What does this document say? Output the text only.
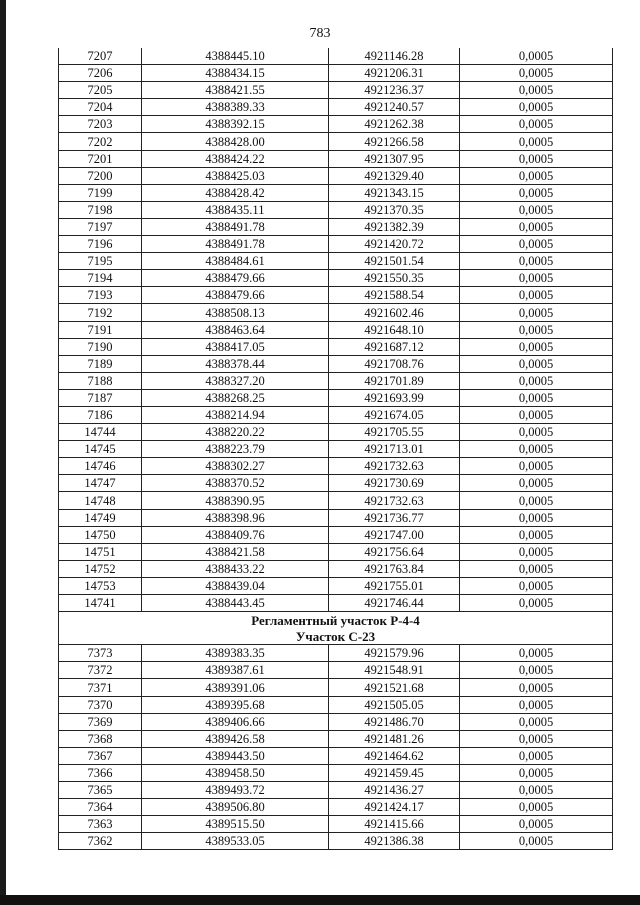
783
7207	4388445.10	4921146.28	0,0005
7206	4388434.15	4921206.31	0,0005
7205	4388421.55	4921236.37	0,0005
7204	4388389.33	4921240.57	0,0005
7203	4388392.15	4921262.38	0,0005
7202	4388428.00	4921266.58	0,0005
7201	4388424.22	4921307.95	0,0005
7200	4388425.03	4921329.40	0,0005
7199	4388428.42	4921343.15	0,0005
7198	4388435.11	4921370.35	0,0005
7197	4388491.78	4921382.39	0,0005
7196	4388491.78	4921420.72	0,0005
7195	4388484.61	4921501.54	0,0005
7194	4388479.66	4921550.35	0,0005
7193	4388479.66	4921588.54	0,0005
7192	4388508.13	4921602.46	0,0005
7191	4388463.64	4921648.10	0,0005
7190	4388417.05	4921687.12	0,0005
7189	4388378.44	4921708.76	0,0005
7188	4388327.20	4921701.89	0,0005
7187	4388268.25	4921693.99	0,0005
7186	4388214.94	4921674.05	0,0005
14744	4388220.22	4921705.55	0,0005
14745	4388223.79	4921713.01	0,0005
14746	4388302.27	4921732.63	0,0005
14747	4388370.52	4921730.69	0,0005
14748	4388390.95	4921732.63	0,0005
14749	4388398.96	4921736.77	0,0005
14750	4388409.76	4921747.00	0,0005
14751	4388421.58	4921756.64	0,0005
14752	4388433.22	4921763.84	0,0005
14753	4388439.04	4921755.01	0,0005
14741	4388443.45	4921746.44	0,0005
Регламентный участок Р-4-4			
Участок С-23			
7373	4389383.35	4921579.96	0,0005
7372	4389387.61	4921548.91	0,0005
7371	4389391.06	4921521.68	0,0005
7370	4389395.68	4921505.05	0,0005
7369	4389406.66	4921486.70	0,0005
7368	4389426.58	4921481.26	0,0005
7367	4389443.50	4921464.62	0,0005
7366	4389458.50	4921459.45	0,0005
7365	4389493.72	4921436.27	0,0005
7364	4389506.80	4921424.17	0,0005
7363	4389515.50	4921415.66	0,0005
7362	4389533.05	4921386.38	0,0005
